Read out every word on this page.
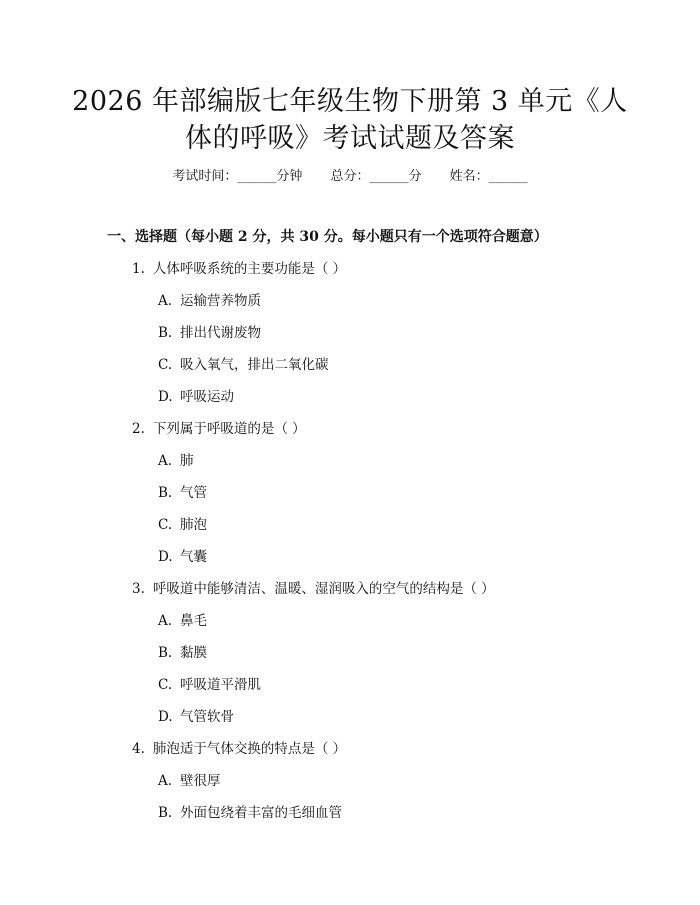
2026 年部编版七年级生物下册第 3 单元《人
体的呼吸》考试试题及答案
考试时间：______分钟 总分：______分 姓名：______
一、选择题（每小题 2 分，共 30 分。每小题只有一个选项符合题意）
1. 人体呼吸系统的主要功能是（ ）
A. 运输营养物质
B. 排出代谢废物
C. 吸入氧气，排出二氧化碳
D. 呼吸运动
2. 下列属于呼吸道的是（ ）
A. 肺
B. 气管
C. 肺泡
D. 气囊
3. 呼吸道中能够清洁、温暖、湿润吸入的空气的结构是（ ）
A. 鼻毛
B. 黏膜
C. 呼吸道平滑肌
D. 气管软骨
4. 肺泡适于气体交换的特点是（ ）
A. 壁很厚
B. 外面包绕着丰富的毛细血管
